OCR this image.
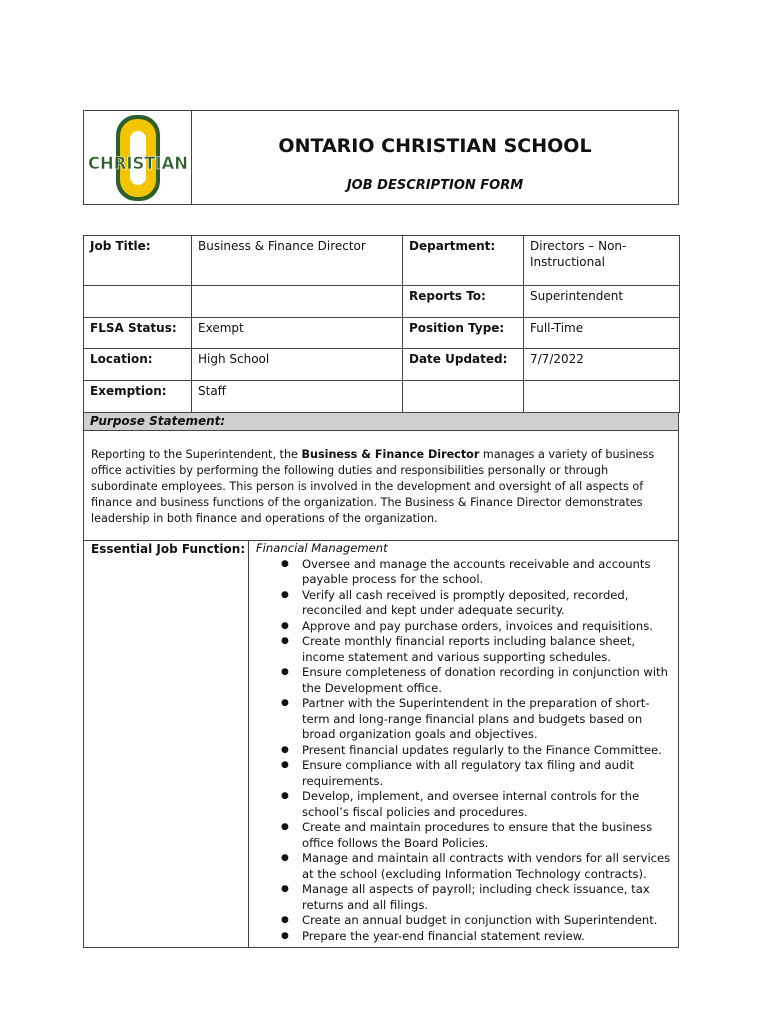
CHRISTIAN
ONTARIO CHRISTIAN SCHOOL
JOB DESCRIPTION FORM
Job Title:	Business & Finance Director	Department:	Directors – Non-Instructional
		Reports To:	Superintendent
FLSA Status:	Exempt	Position Type:	Full-Time
Location:	High School	Date Updated:	7/7/2022
Exemption:	Staff		
Purpose Statement:
Reporting to the Superintendent, the Business & Finance Director manages a variety of business office activities by performing the following duties and responsibilities personally or through subordinate employees. This person is involved in the development and oversight of all aspects of finance and business functions of the organization. The Business & Finance Director demonstrates leadership in both finance and operations of the organization.
Essential Job Function: Financial Management
● Oversee and manage the accounts receivable and accounts payable process for the school.
● Verify all cash received is promptly deposited, recorded, reconciled and kept under adequate security.
● Approve and pay purchase orders, invoices and requisitions.
● Create monthly financial reports including balance sheet, income statement and various supporting schedules.
● Ensure completeness of donation recording in conjunction with the Development office.
● Partner with the Superintendent in the preparation of short-term and long-range financial plans and budgets based on broad organization goals and objectives.
● Present financial updates regularly to the Finance Committee.
● Ensure compliance with all regulatory tax filing and audit requirements.
● Develop, implement, and oversee internal controls for the school’s fiscal policies and procedures.
● Create and maintain procedures to ensure that the business office follows the Board Policies.
● Manage and maintain all contracts with vendors for all services at the school (excluding Information Technology contracts).
● Manage all aspects of payroll; including check issuance, tax returns and all filings.
● Create an annual budget in conjunction with Superintendent.
● Prepare the year-end financial statement review.
